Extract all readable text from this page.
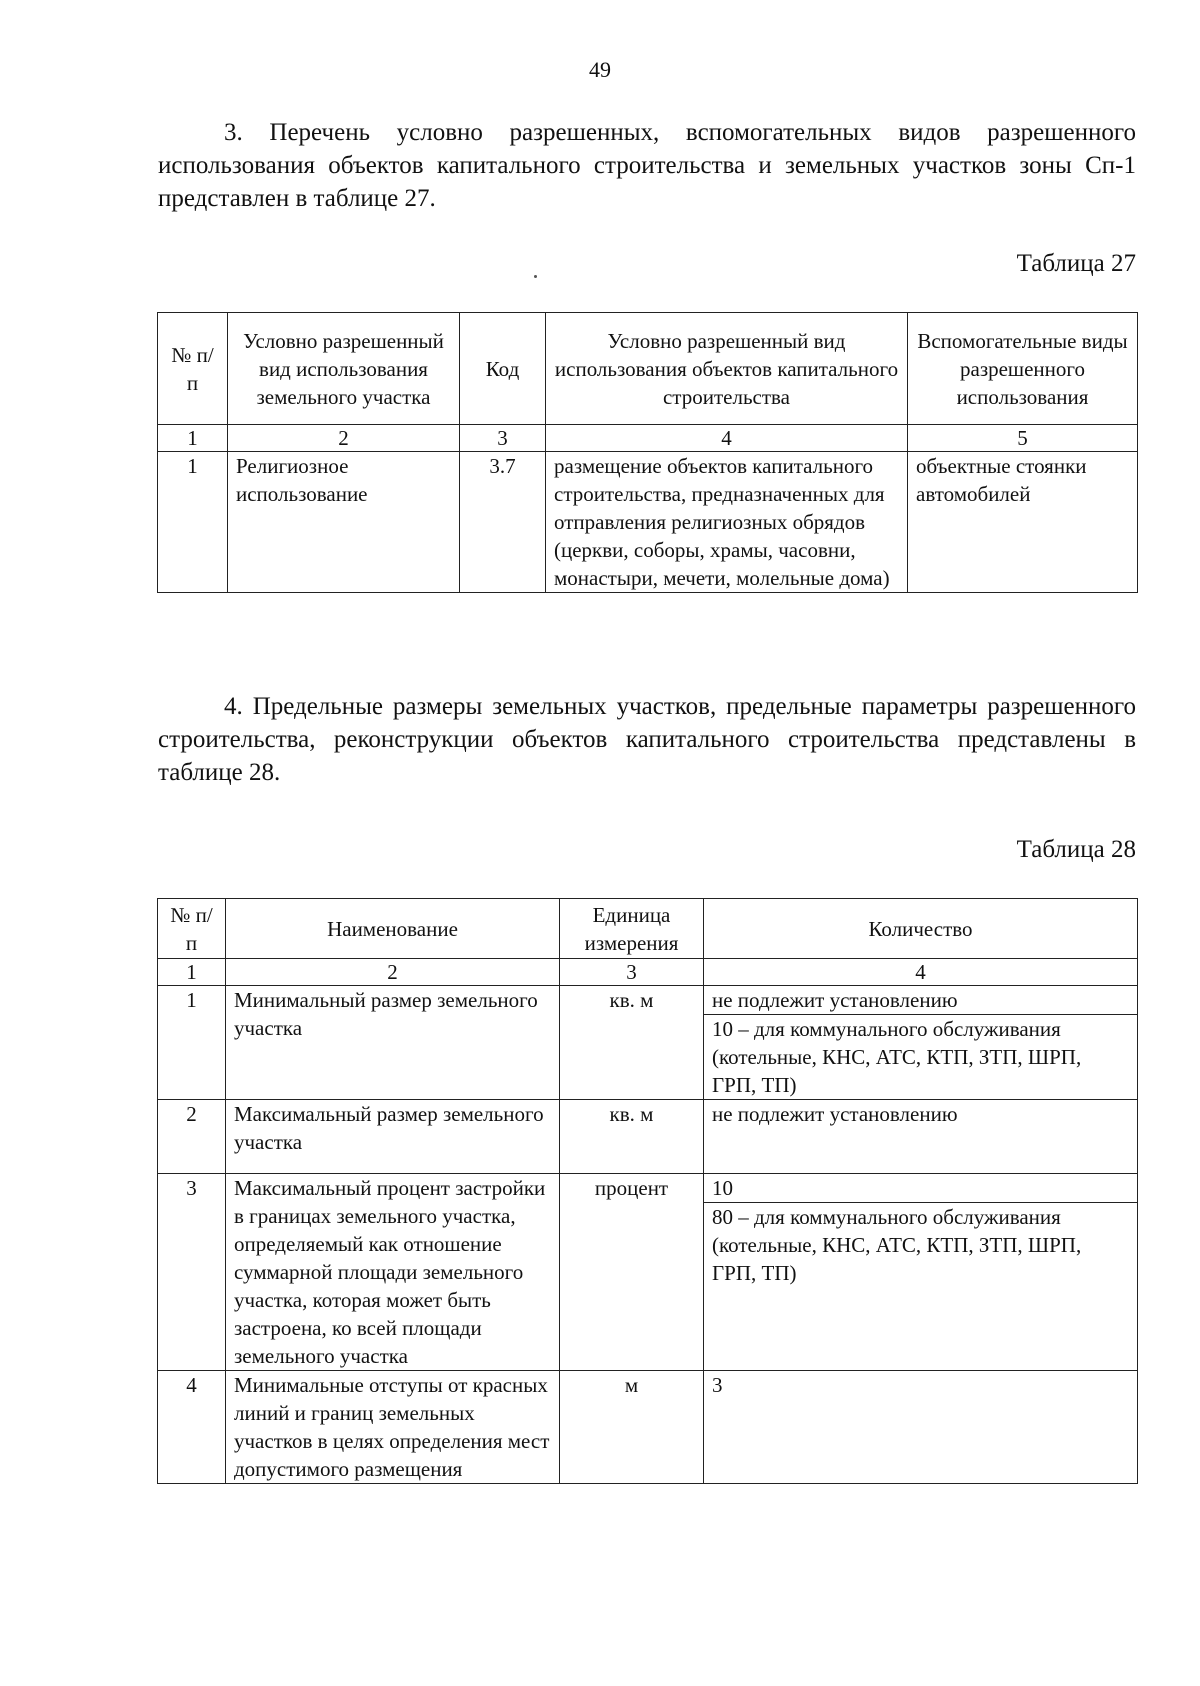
49
3. Перечень условно разрешенных, вспомогательных видов разрешенного использования объектов капитального строительства и земельных участков зоны Сп-1 представлен в таблице 27.
Таблица 27
№ п/п	Условно разрешенный вид использования земельного участка	Код	Условно разрешенный вид использования объектов капитального строительства	Вспомогательные виды разрешенного использования
1	2	3	4	5
1	Религиозное использование	3.7	размещение объектов капитального строительства, предназначенных для отправления религиозных обрядов (церкви, соборы, храмы, часовни, монастыри, мечети, молельные дома)	объектные стоянки автомобилей
4. Предельные размеры земельных участков, предельные параметры разрешенного строительства, реконструкции объектов капитального строительства представлены в таблице 28.
Таблица 28
№ п/п	Наименование	Единица измерения	Количество
1	2	3	4
1	Минимальный размер земельного участка	кв. м	не подлежит установлению
10 – для коммунального обслуживания (котельные, КНС, АТС, КТП, ЗТП, ШРП, ГРП, ТП)

2	Максимальный размер земельного участка	кв. м	не подлежит установлению
3	Максимальный процент застройки в границах земельного участка, определяемый как отношение суммарной площади земельного участка, которая может быть застроена, ко всей площади земельного участка	процент	10
80 – для коммунального обслуживания (котельные, КНС, АТС, КТП, ЗТП, ШРП, ГРП, ТП)

4	Минимальные отступы от красных линий и границ земельных участков в целях определения мест допустимого размещения	м	3
